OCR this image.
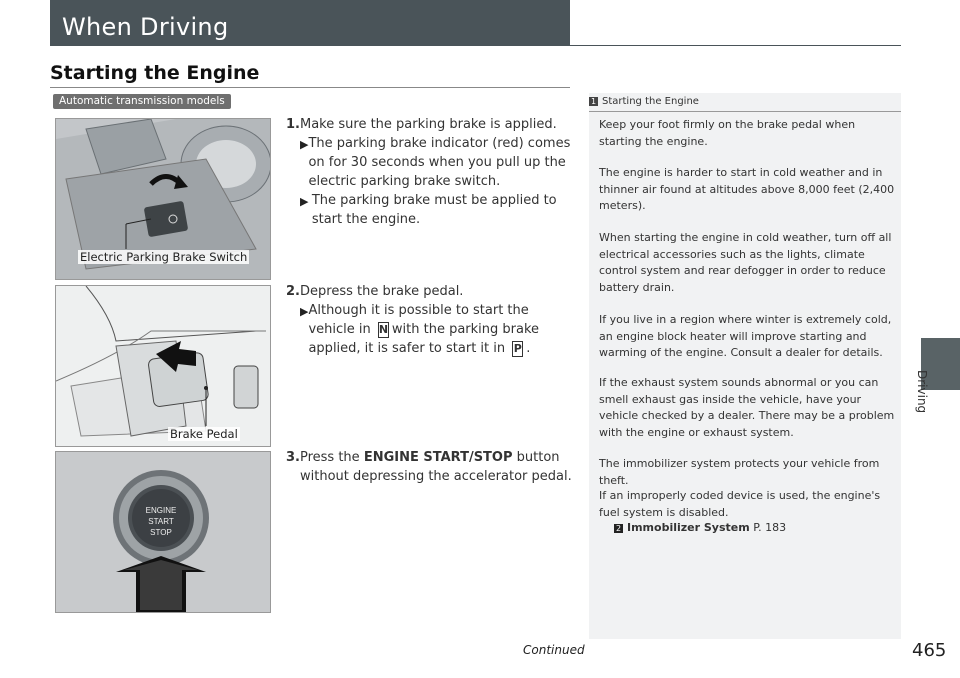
When Driving
Starting the Engine
Automatic transmission models
Electric Parking Brake Switch
Brake Pedal
ENGINE
START
STOP
1. Make sure the parking brake is applied.
▶ The parking brake indicator (red) comes on for 30 seconds when you pull up the electric parking brake switch.
▶ The parking brake must be applied to start the engine.
2. Depress the brake pedal.
▶ Although it is possible to start the vehicle in N with the parking brake applied, it is safer to start it in P .
3. Press the ENGINE START/STOP button without depressing the accelerator pedal.
1 Starting the Engine
Keep your foot firmly on the brake pedal when starting the engine.
The engine is harder to start in cold weather and in thinner air found at altitudes above 8,000 feet (2,400 meters).
When starting the engine in cold weather, turn off all electrical accessories such as the lights, climate control system and rear defogger in order to reduce battery drain.
If you live in a region where winter is extremely cold, an engine block heater will improve starting and warming of the engine. Consult a dealer for details.
If the exhaust system sounds abnormal or you can smell exhaust gas inside the vehicle, have your vehicle checked by a dealer. There may be a problem with the engine or exhaust system.
The immobilizer system protects your vehicle from theft.
If an improperly coded device is used, the engine's fuel system is disabled.
2 Immobilizer System P. 183
Driving
Continued	465
